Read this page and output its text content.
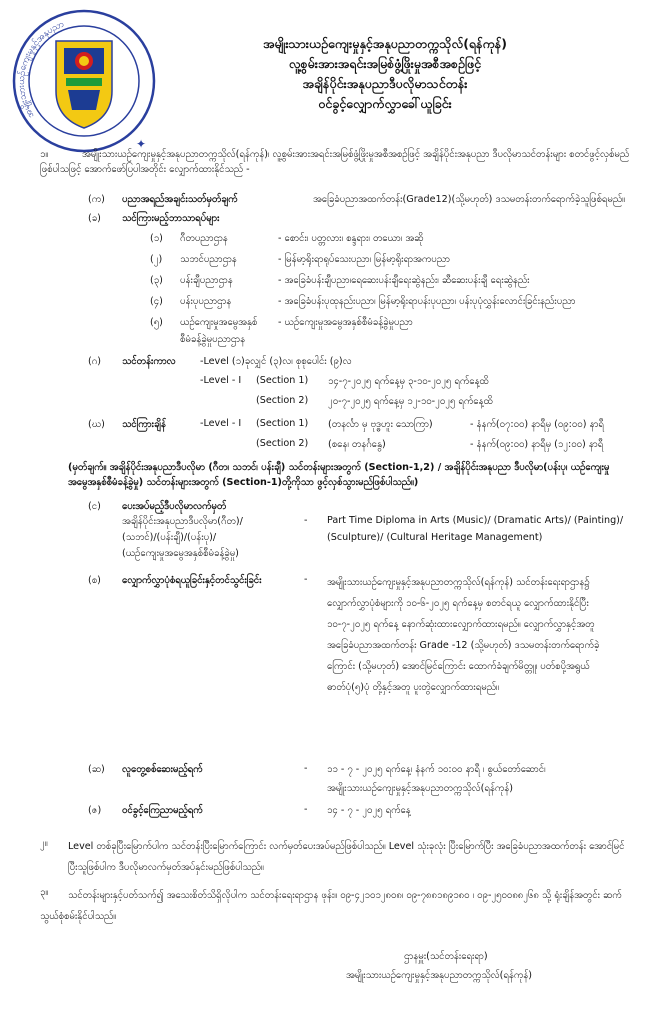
အမျိုးသားယဉ်ကျေးမှုနှင့်အနုပညာ
✦
အမျိုးသားယဉ်ကျေးမှုနှင့်အနုပညာတက္ကသိုလ်(ရန်ကုန်)
လူ့စွမ်းအားအရင်းအမြစ်ဖွံ့ဖြိုးမှုအစီအစဉ်ဖြင့်
အချိန်ပိုင်းအနုပညာဒီပလိုမာသင်တန်း
ဝင်ခွင့်လျှောက်လွှာခေါ်ယူခြင်း
၁။	အမျိုးသားယဉ်ကျေးမှုနှင့်အနုပညာတက္ကသိုလ်(ရန်ကုန်)၊ လူ့စွမ်းအားအရင်းအမြစ်ဖွံ့ဖြိုးမှုအစီအစဉ်ဖြင့် အချိန်ပိုင်းအနုပညာ ဒီပလိုမာသင်တန်းများ စတင်ဖွင့်လှစ်မည်ဖြစ်ပါသဖြင့် အောက်ဖော်ပြပါအတိုင်း လျှောက်ထားနိုင်သည် -
(က) ပညာအရည်အချင်းသတ်မှတ်ချက်	အခြေခံပညာအထက်တန်း(Grade12)(သို့မဟုတ်) ဒသမတန်းတက်ရောက်ခဲ့သူဖြစ်ရမည်။
(ခ) သင်ကြားမည့်ဘာသာရပ်များ
(၁) ဂီတပညာဌာန	- စောင်း၊ ပတ္တလား၊ စန္ဒရား၊ တယော၊ အဆို
(၂) သဘင်ပညာဌာန	- မြန်မာ့ရိုးရာရုပ်သေးပညာ၊ မြန်မာ့ရိုးရာအကပညာ
(၃) ပန်းချီပညာဌာန	- အခြေခံပန်းချီပညာ၊ရေဆေးပန်းချီရေးဆွဲနည်း၊ ဆီဆေးပန်းချီ ရေးဆွဲနည်း
(၄) ပန်းပုပညာဌာန	- အခြေခံပန်းပုထုနည်းပညာ၊ မြန်မာ့ရိုးရာပန်းပုပညာ၊ ပန်းပုပုံလွှန်းလောင်းခြင်းနည်းပညာ
(၅) ယဉ်ကျေးမှုအမွေအနှစ်
စီမံခန့်ခွဲမှုပညာဌာန
- ယဉ်ကျေးမှုအမွေအနှစ်စီမံခန့်ခွဲမှုပညာ
(ဂ) သင်တန်းကာလ	-Level (၁)ခုလျှင် (၃)လ၊ စုစုပေါင်း (၉)လ
-Level - I (Section 1) ၁၄-၇-၂၀၂၅ ရက်နေ့မှ ၃-၁၀-၂၀၂၅ ရက်နေ့ထိ
(Section 2) ၂၀-၇-၂၀၂၅ ရက်နေ့မှ ၁၂-၁၀-၂၀၂၅ ရက်နေ့ထိ
(ဃ) သင်ကြားချိန်	-Level - I (Section 1) (တနင်္လာ မှ ဗုဒ္ဓဟူး သောကြာ)	- နံနက်(၀၇:၀၀) နာရီမှ (၀၉:၀၀) နာရီ
(Section 2) (စနေ၊ တနင်္ဂနွေ)	- နံနက်(၀၉:၀၀) နာရီမှ (၁၂:၀၀) နာရီ
(မှတ်ချက်။ အချိန်ပိုင်းအနုပညာဒီပလိုမာ (ဂီတ၊ သဘင်၊ ပန်းချီ) သင်တန်းများအတွက် (Section-1,2) / အချိန်ပိုင်းအနုပညာ ဒီပလိုမာ(ပန်းပု၊ ယဉ်ကျေးမှုအမွေအနှစ်စီမံခန့်ခွဲမှု) သင်တန်းများအတွက် (Section-1)တို့ကိုသာ ဖွင့်လှစ်သွားမည်ဖြစ်ပါသည်။)
(င) ပေးအပ်မည့်ဒီပလိုမာလက်မှတ်
အချိန်ပိုင်းအနုပညာဒီပလိုမာ(ဂီတ)/
(သဘင်)/(ပန်းချီ)/(ပန်းပု)/
(ယဉ်ကျေးမှုအမွေအနှစ်စီမံခန့်ခွဲမှု)
- Part Time Diploma in Arts (Music)/ (Dramatic Arts)/ (Painting)/
(Sculpture)/ (Cultural Heritage Management)
(စ) လျှောက်လွှာပုံစံရယူခြင်းနှင့်တင်သွင်းခြင်း	- အမျိုးသားယဉ်ကျေးမှုနှင့်အနုပညာတက္ကသိုလ်(ရန်ကုန်) သင်တန်းရေးရာဌာန၌ လျှောက်လွှာပုံစံများကို ၁၀-၆-၂၀၂၅ ရက်နေ့မှ စတင်ရယူ လျှောက်ထားနိုင်ပြီး ၁၀-၇-၂၀၂၅ ရက်နေ့ နောက်ဆုံးထားလျှောက်ထားရမည်။ လျှောက်လွှာနှင့်အတူ အခြေခံပညာအထက်တန်း Grade -12 (သို့မဟုတ်) ဒသမတန်းတက်ရောက်ခဲ့ကြောင်း (သို့မဟုတ်) အောင်မြင်ကြောင်း ထောက်ခံချက်မိတ္တူ၊ ပတ်စပို့အရွယ် ဓာတ်ပုံ(၅)ပုံ တို့နှင့်အတူ ပူးတွဲလျှောက်ထားရမည်။
(ဆ) လူတွေ့စစ်ဆေးမည့်ရက်	- ၁၁ - ၇ - ၂၀၂၅ ရက်နေ့၊ နံနက် ၁၀:၀၀ နာရီ ၊ စွယ်တော်ဆောင်၊
အမျိုးသားယဉ်ကျေးမှုနှင့်အနုပညာတက္ကသိုလ်(ရန်ကုန်)
(ဇ) ဝင်ခွင့်ကြေညာမည့်ရက်	- ၁၄ - ၇ - ၂၀၂၅ ရက်နေ့
၂။ Level တစ်ခုပြီးမြောက်ပါက သင်တန်းပြီးမြောက်ကြောင်း လက်မှတ်ပေးအပ်မည်ဖြစ်ပါသည်။ Level သုံးခုလုံး ပြီးမြောက်ပြီး အခြေခံပညာအထက်တန်း အောင်မြင်ပြီးသူဖြစ်ပါက ဒီပလိုမာလက်မှတ်အပ်နှင်းမည်ဖြစ်ပါသည်။
၃။	သင်တန်းများနှင့်ပတ်သက်၍ အသေးစိတ်သိရှိလိုပါက သင်တန်းရေးရာဌာန ဖုန်း။ ၀၉-၄၂၁၀၁၂၈၀၈၊ ၀၉-၇၈၈၁၈၉၁၈၀ ၊ ၀၉-၂၅၀၀၈၈၂၆၈ သို့ ရုံးချိန်အတွင်း ဆက်သွယ်စုံစမ်းနိုင်ပါသည်။
ဌာနမှူး(သင်တန်းရေးရာ)
အမျိုးသားယဉ်ကျေးမှုနှင့်အနုပညာတက္ကသိုလ်(ရန်ကုန်)
